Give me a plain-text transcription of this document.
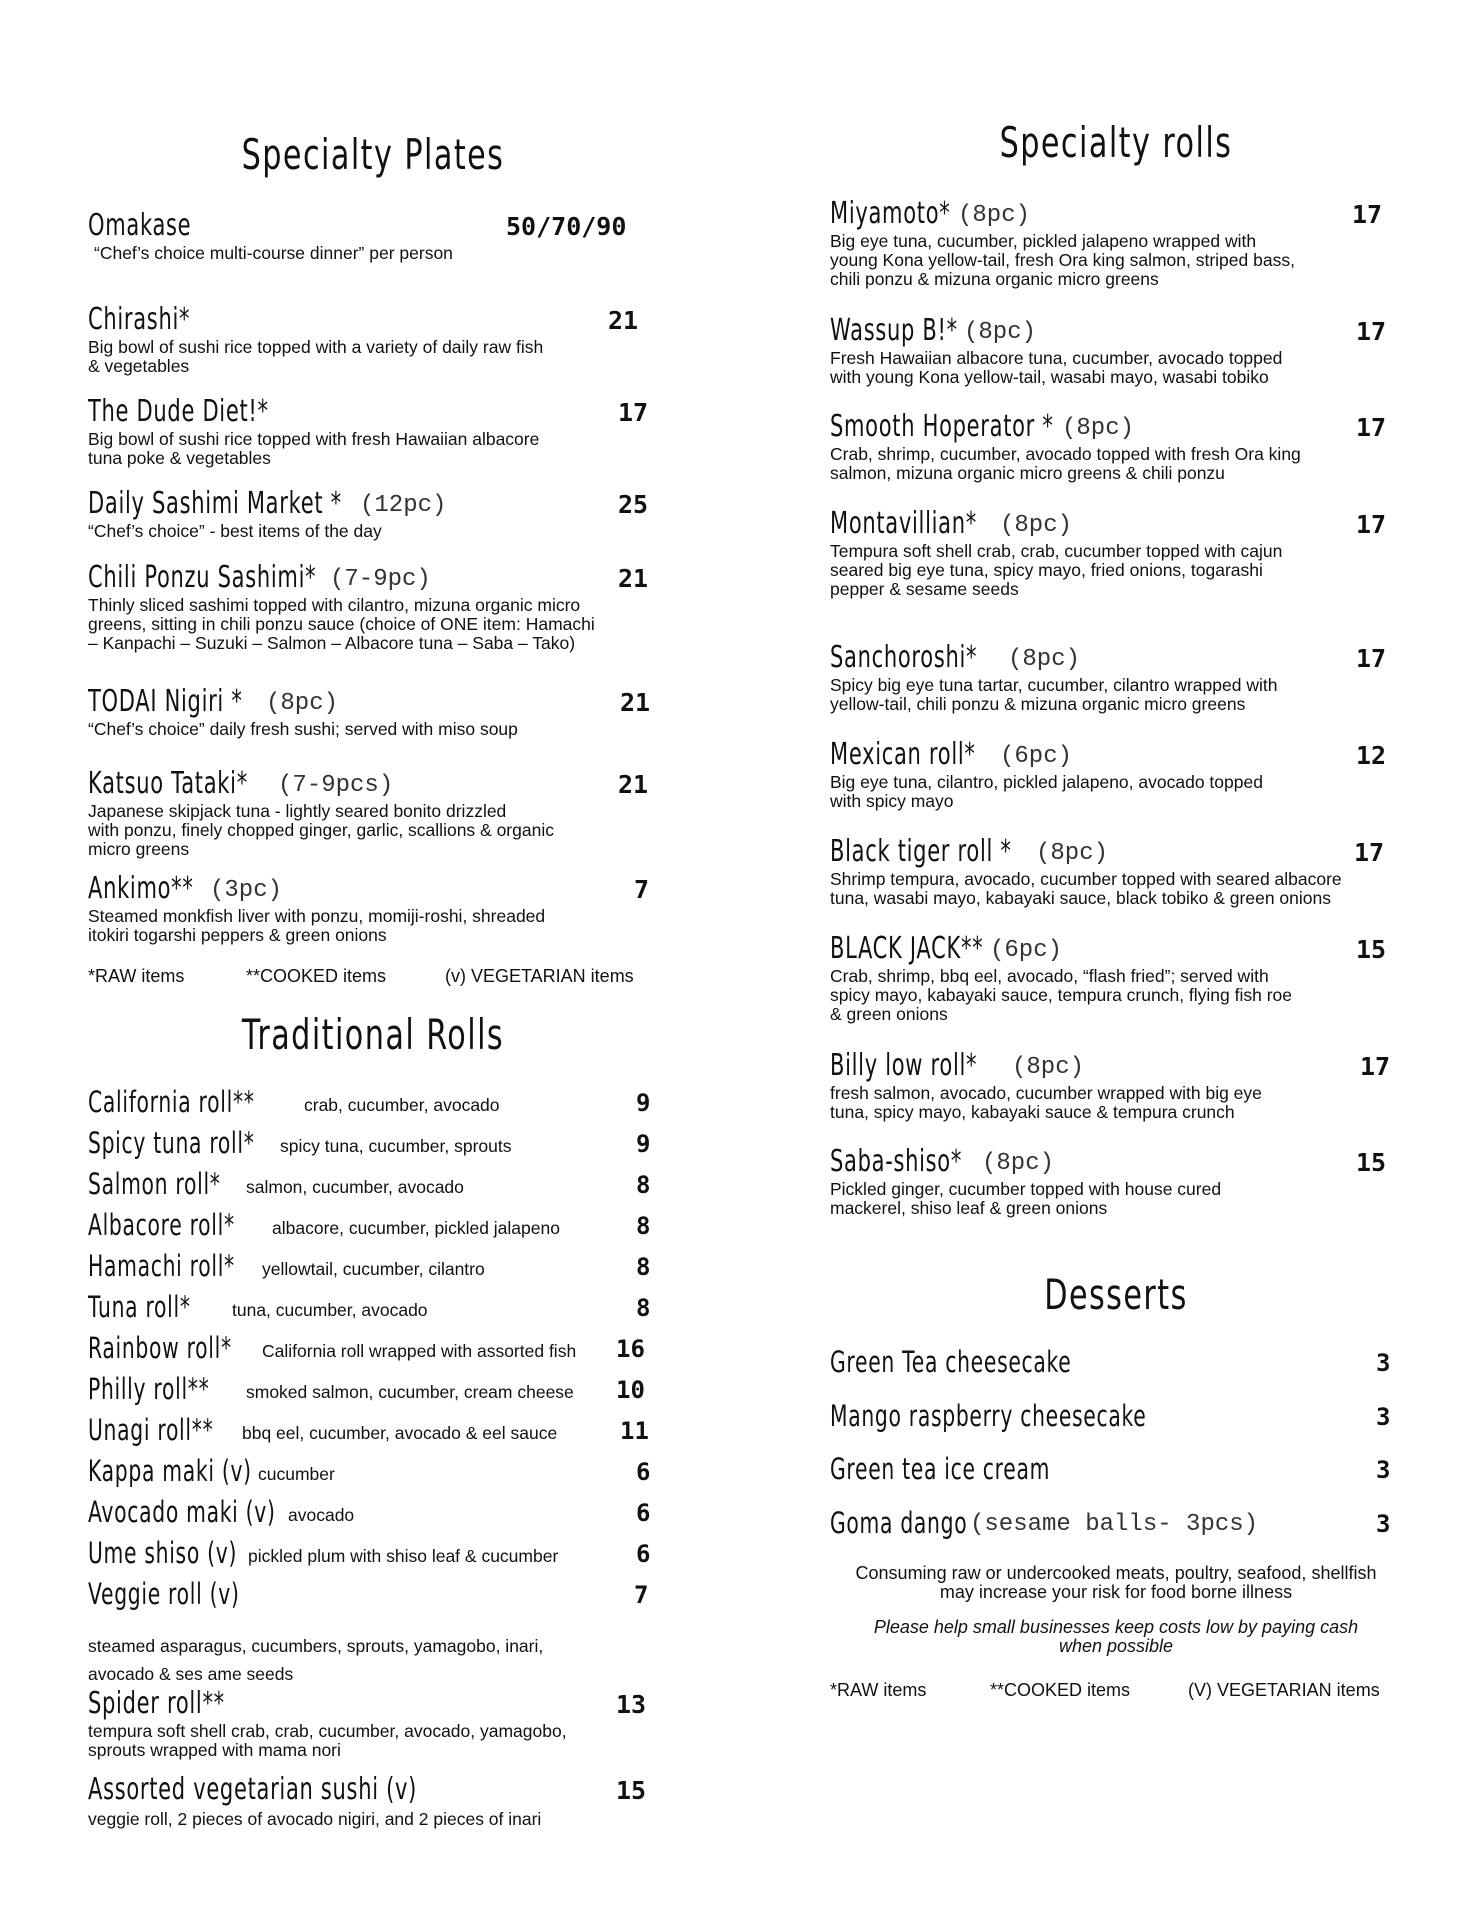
Specialty Plates
Omakase	50/70/90
“Chef’s choice multi-course dinner” per person
Chirashi*	21
Big bowl of sushi rice topped with a variety of daily raw fish
& vegetables
The Dude Diet!*	17
Big bowl of sushi rice topped with fresh Hawaiian albacore
tuna poke & vegetables
Daily Sashimi Market * (12pc)	25
“Chef’s choice” - best items of the day
Chili Ponzu Sashimi* (7-9pc)	21
Thinly sliced sashimi topped with cilantro, mizuna organic micro
greens, sitting in chili ponzu sauce (choice of ONE item: Hamachi
– Kanpachi – Suzuki – Salmon – Albacore tuna – Saba – Tako)
TODAI Nigiri * (8pc)	21
“Chef’s choice” daily fresh sushi; served with miso soup
Katsuo Tataki* (7-9pcs)	21
Japanese skipjack tuna - lightly seared bonito drizzled
with ponzu, finely chopped ginger, garlic, scallions & organic
micro greens
Ankimo** (3pc)	7
Steamed monkfish liver with ponzu, momiji-roshi, shreaded
itokiri togarshi peppers & green onions
*RAW items	**COOKED items	(v) VEGETARIAN items
Traditional Rolls
California roll**	crab, cucumber, avocado	9
Spicy tuna roll* spicy tuna, cucumber, sprouts	9
Salmon roll* salmon, cucumber, avocado	8
Albacore roll* albacore, cucumber, pickled jalapeno	8
Hamachi roll* yellowtail, cucumber, cilantro	8
Tuna roll* tuna, cucumber, avocado	8
Rainbow roll* California roll wrapped with assorted fish 16
Philly roll** smoked salmon, cucumber, cream cheese 10
Unagi roll** bbq eel, cucumber, avocado & eel sauce	11
Kappa maki (v) cucumber	6
Avocado maki (v) avocado	6
Ume shiso (v) pickled plum with shiso leaf & cucumber	6
Veggie roll (v)	7
steamed asparagus, cucumbers, sprouts, yamagobo, inari,
avocado & ses ame seeds
Spider roll**	13
tempura soft shell crab, crab, cucumber, avocado, yamagobo,
sprouts wrapped with mama nori
Assorted vegetarian sushi (v)	15
veggie roll, 2 pieces of avocado nigiri, and 2 pieces of inari
Specialty rolls
Miyamoto* (8pc)	17
Big eye tuna, cucumber, pickled jalapeno wrapped with
young Kona yellow-tail, fresh Ora king salmon, striped bass,
chili ponzu & mizuna organic micro greens
Wassup B!* (8pc)	17
Fresh Hawaiian albacore tuna, cucumber, avocado topped
with young Kona yellow-tail, wasabi mayo, wasabi tobiko
Smooth Hoperator * (8pc)	17
Crab, shrimp, cucumber, avocado topped with fresh Ora king
salmon, mizuna organic micro greens & chili ponzu
Montavillian* (8pc)	17
Tempura soft shell crab, crab, cucumber topped with cajun
seared big eye tuna, spicy mayo, fried onions, togarashi
pepper & sesame seeds
Sanchoroshi* (8pc)	17
Spicy big eye tuna tartar, cucumber, cilantro wrapped with
yellow-tail, chili ponzu & mizuna organic micro greens
Mexican roll* (6pc)	12
Big eye tuna, cilantro, pickled jalapeno, avocado topped
with spicy mayo
Black tiger roll * (8pc)	17
Shrimp tempura, avocado, cucumber topped with seared albacore
tuna, wasabi mayo, kabayaki sauce, black tobiko & green onions
BLACK JACK** (6pc)	15
Crab, shrimp, bbq eel, avocado, “flash fried”; served with
spicy mayo, kabayaki sauce, tempura crunch, flying fish roe
& green onions
Billy low roll* (8pc)	17
fresh salmon, avocado, cucumber wrapped with big eye
tuna, spicy mayo, kabayaki sauce & tempura crunch
Saba-shiso* (8pc)	15
Pickled ginger, cucumber topped with house cured
mackerel, shiso leaf & green onions
Desserts
Green Tea cheesecake	3
Mango raspberry cheesecake	3
Green tea ice cream	3
Goma dango (sesame balls- 3pcs)	3
Consuming raw or undercooked meats, poultry, seafood, shellfish
may increase your risk for food borne illness
Please help small businesses keep costs low by paying cash
when possible
*RAW items	**COOKED items	(V) VEGETARIAN items
